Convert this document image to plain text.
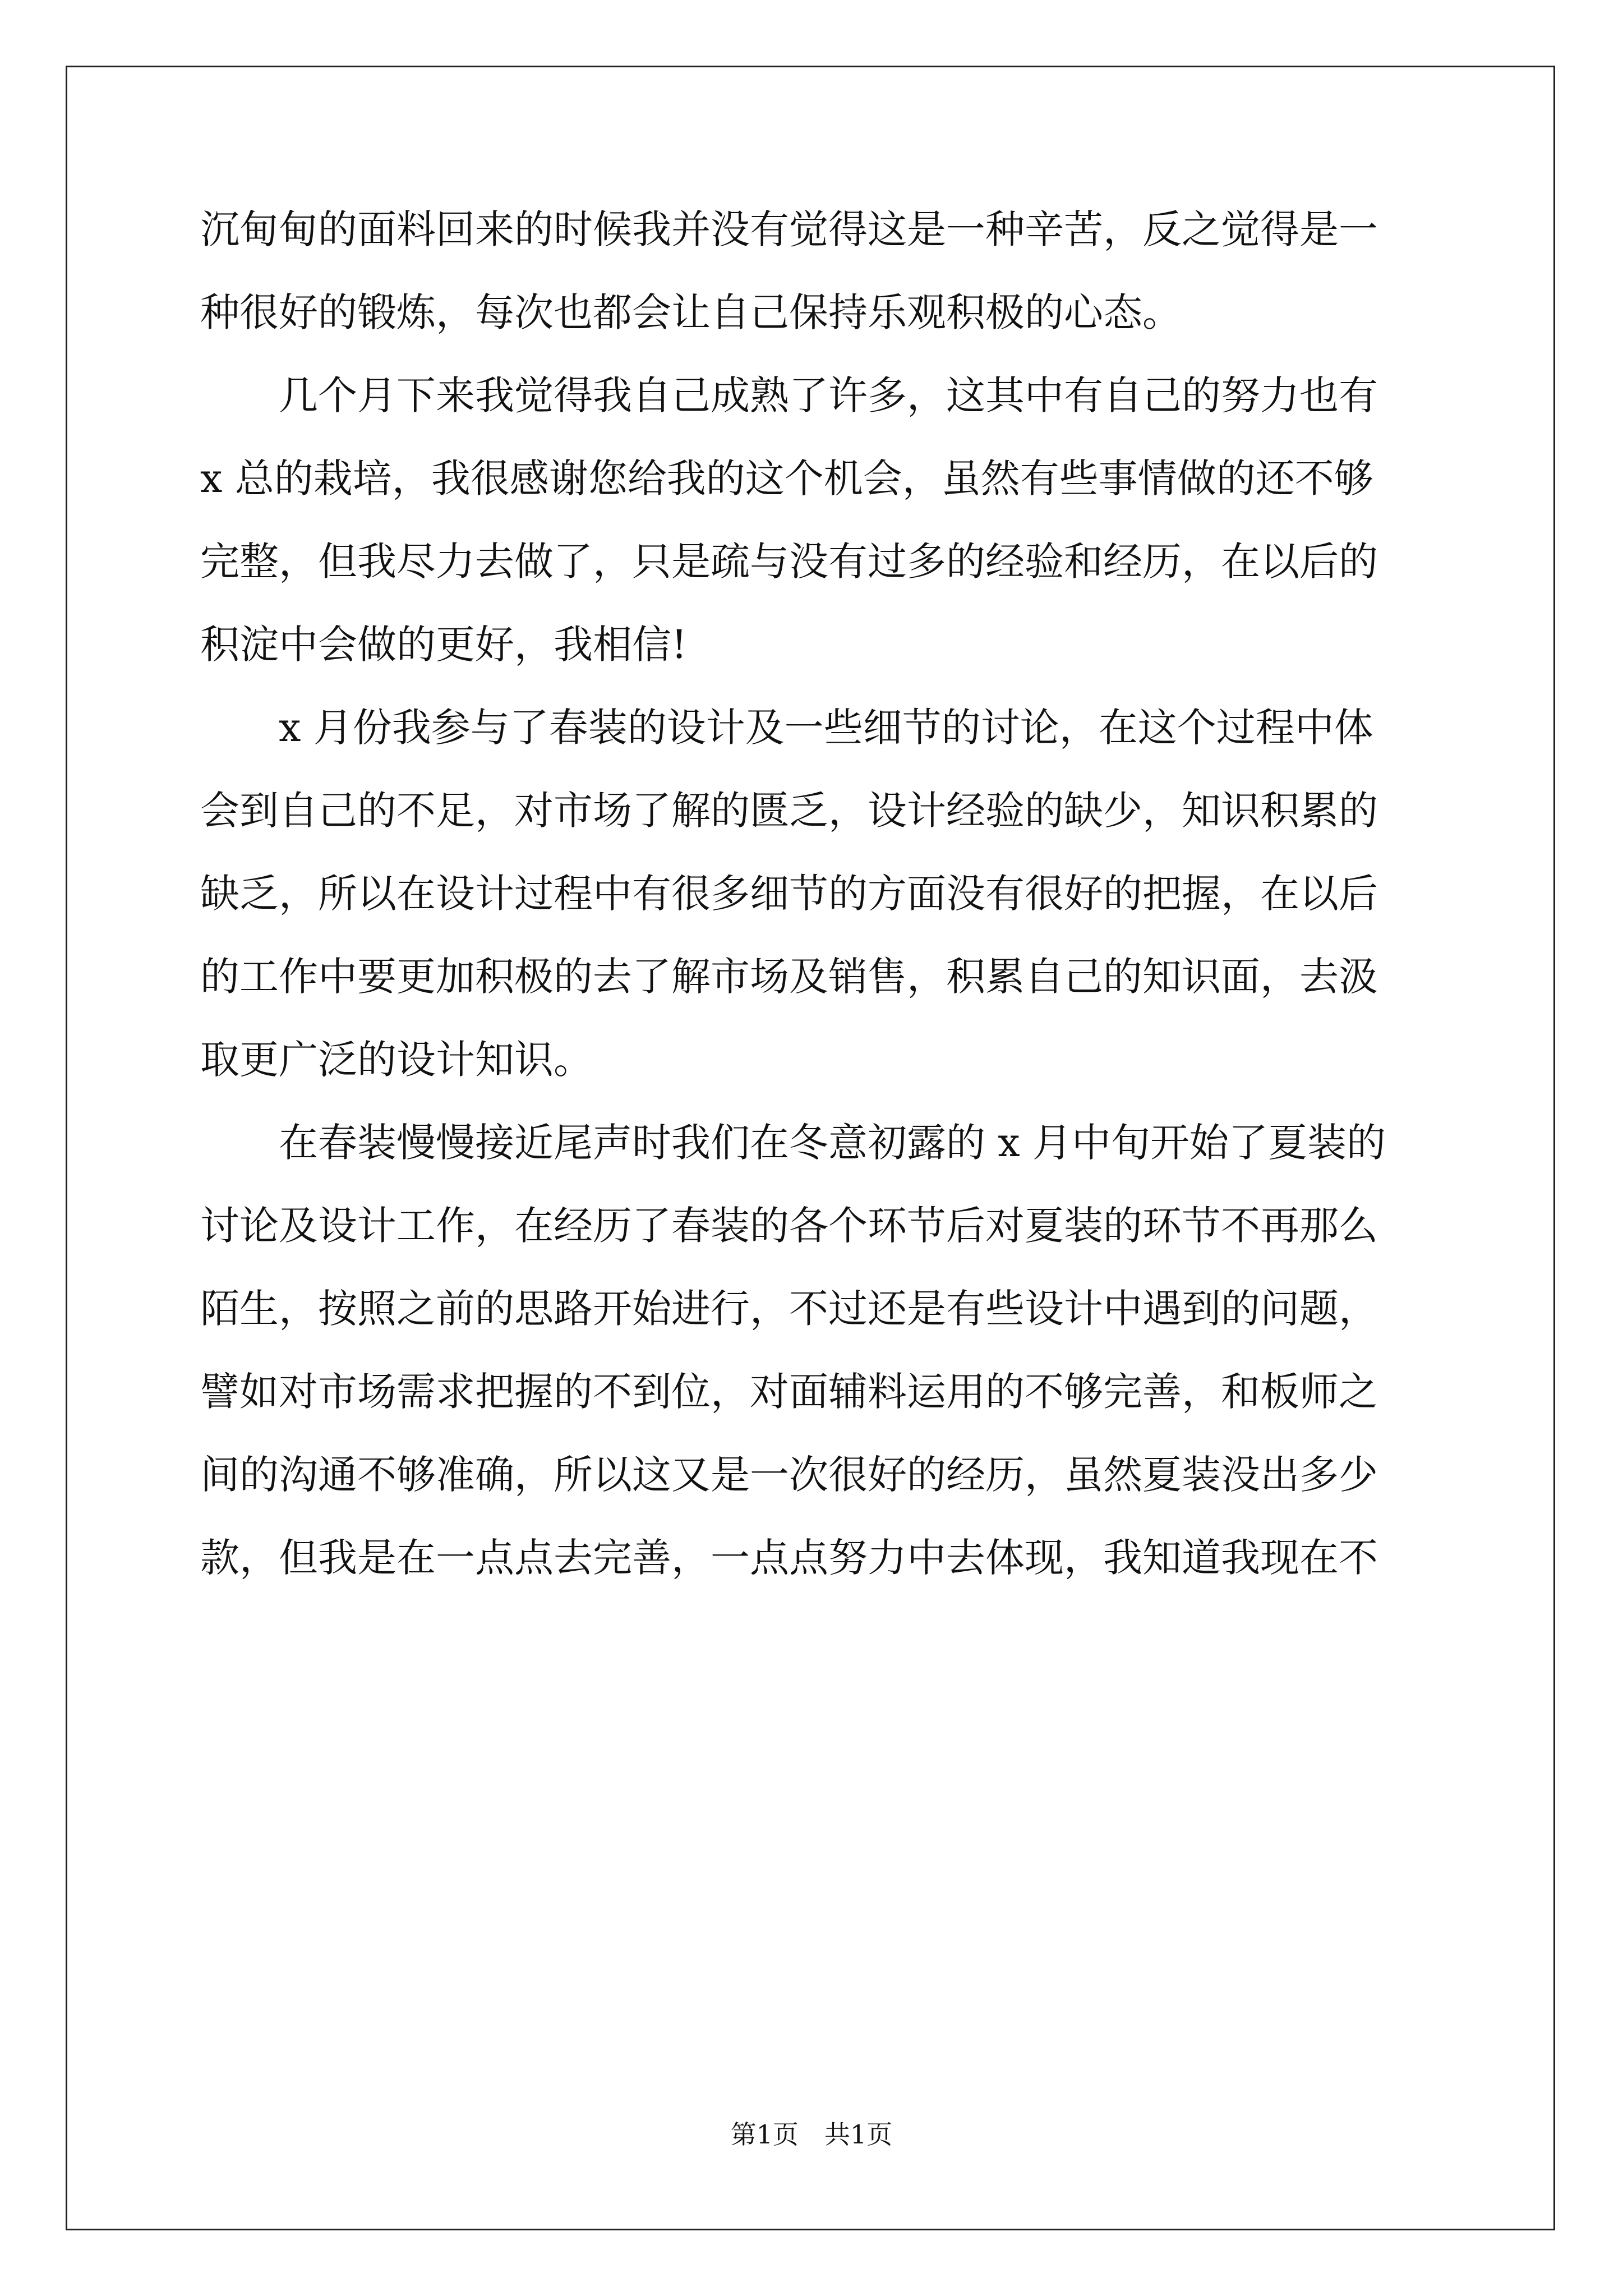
沉甸甸的面料回来的时候我并没有觉得这是一种辛苦，反之觉得是一
种很好的锻炼，每次也都会让自己保持乐观积极的心态。
　　几个月下来我觉得我自己成熟了许多，这其中有自己的努力也有
x 总的栽培，我很感谢您给我的这个机会，虽然有些事情做的还不够
完整，但我尽力去做了，只是疏与没有过多的经验和经历，在以后的
积淀中会做的更好，我相信!
　　x 月份我参与了春装的设计及一些细节的讨论，在这个过程中体
会到自己的不足，对市场了解的匮乏，设计经验的缺少，知识积累的
缺乏，所以在设计过程中有很多细节的方面没有很好的把握，在以后
的工作中要更加积极的去了解市场及销售，积累自己的知识面，去汲
取更广泛的设计知识。
　　在春装慢慢接近尾声时我们在冬意初露的 x 月中旬开始了夏装的
讨论及设计工作，在经历了春装的各个环节后对夏装的环节不再那么
陌生，按照之前的思路开始进行，不过还是有些设计中遇到的问题，
譬如对市场需求把握的不到位，对面辅料运用的不够完善，和板师之
间的沟通不够准确，所以这又是一次很好的经历，虽然夏装没出多少
款，但我是在一点点去完善，一点点努力中去体现，我知道我现在不
第1页　共1页
